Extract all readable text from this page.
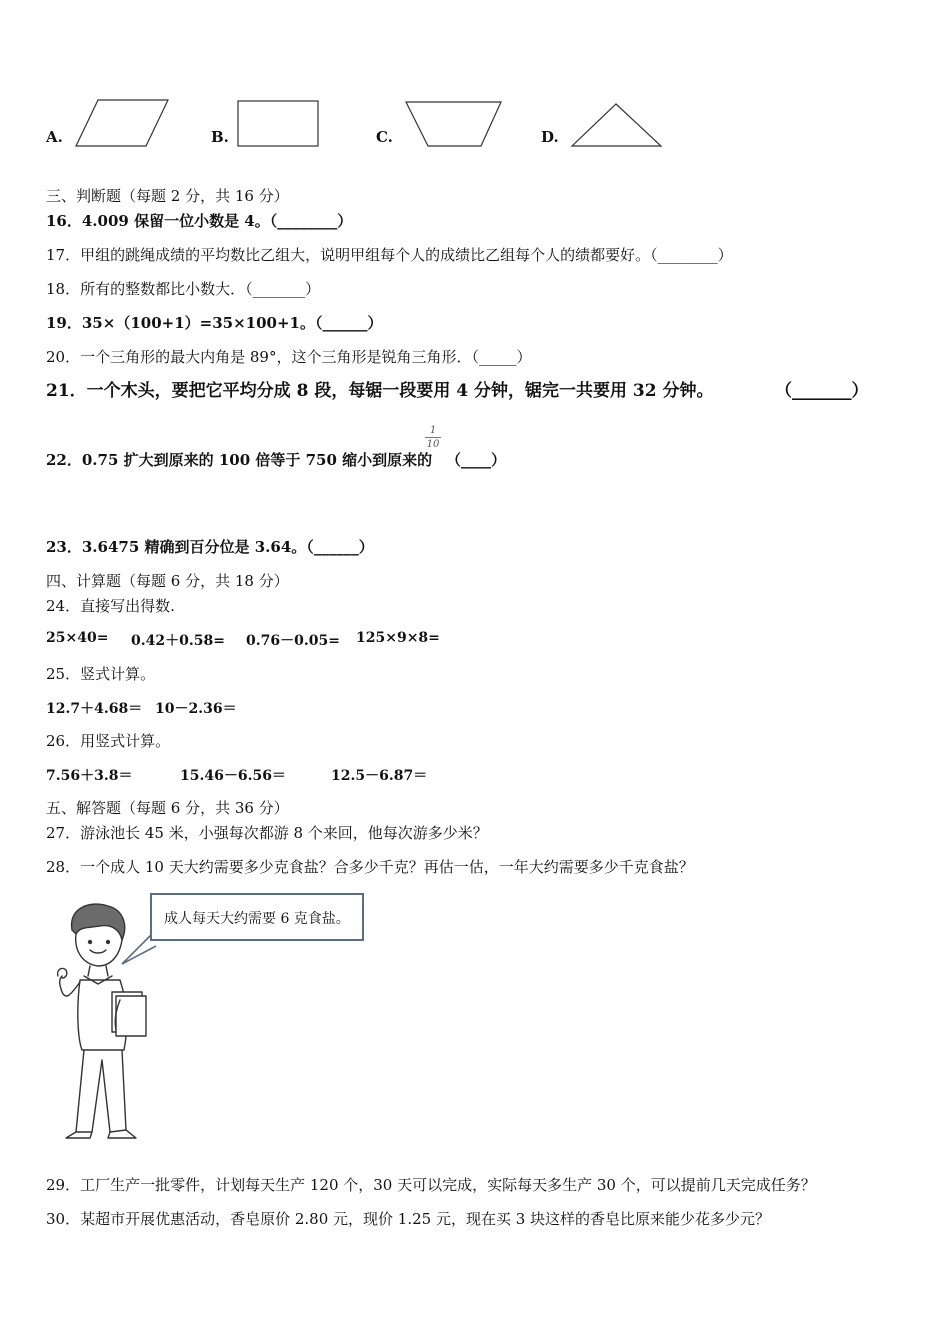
A.	B.	C.	D.
三、判断题（每题 2 分，共 16 分）
16．4.009 保留一位小数是 4。（________）
17．甲组的跳绳成绩的平均数比乙组大，说明甲组每个人的成绩比乙组每个人的绩都要好。（________）
18．所有的整数都比小数大．（_______）
19．35×（100+1）=35×100+1。（______）
20．一个三角形的最大内角是 89°，这个三角形是锐角三角形．（_____）
21．一个木头，要把它平均分成 8 段，每锯一段要用 4 分钟，锯完一共要用 32 分钟。	（_______）
22．0.75 扩大到原来的 100 倍等于 750 缩小到原来的
1
10
（____）
23．3.6475 精确到百分位是 3.64。（______）
四、计算题（每题 6 分，共 18 分）
24．直接写出得数.
25×40= 0.42＋0.58= 0.76－0.05= 125×9×8=
25．竖式计算。
12.7＋4.68＝ 10－2.36＝
26．用竖式计算。
7.56＋3.8＝	15.46－6.56＝	12.5－6.87＝
五、解答题（每题 6 分，共 36 分）
27．游泳池长 45 米，小强每次都游 8 个来回，他每次游多少米？
28．一个成人 10 天大约需要多少克食盐？合多少千克？再估一估，一年大约需要多少千克食盐？
成人每天大约需要 6 克食盐。
29．工厂生产一批零件，计划每天生产 120 个，30 天可以完成，实际每天多生产 30 个，可以提前几天完成任务？
30．某超市开展优惠活动，香皂原价 2.80 元，现价 1.25 元，现在买 3 块这样的香皂比原来能少花多少元？
